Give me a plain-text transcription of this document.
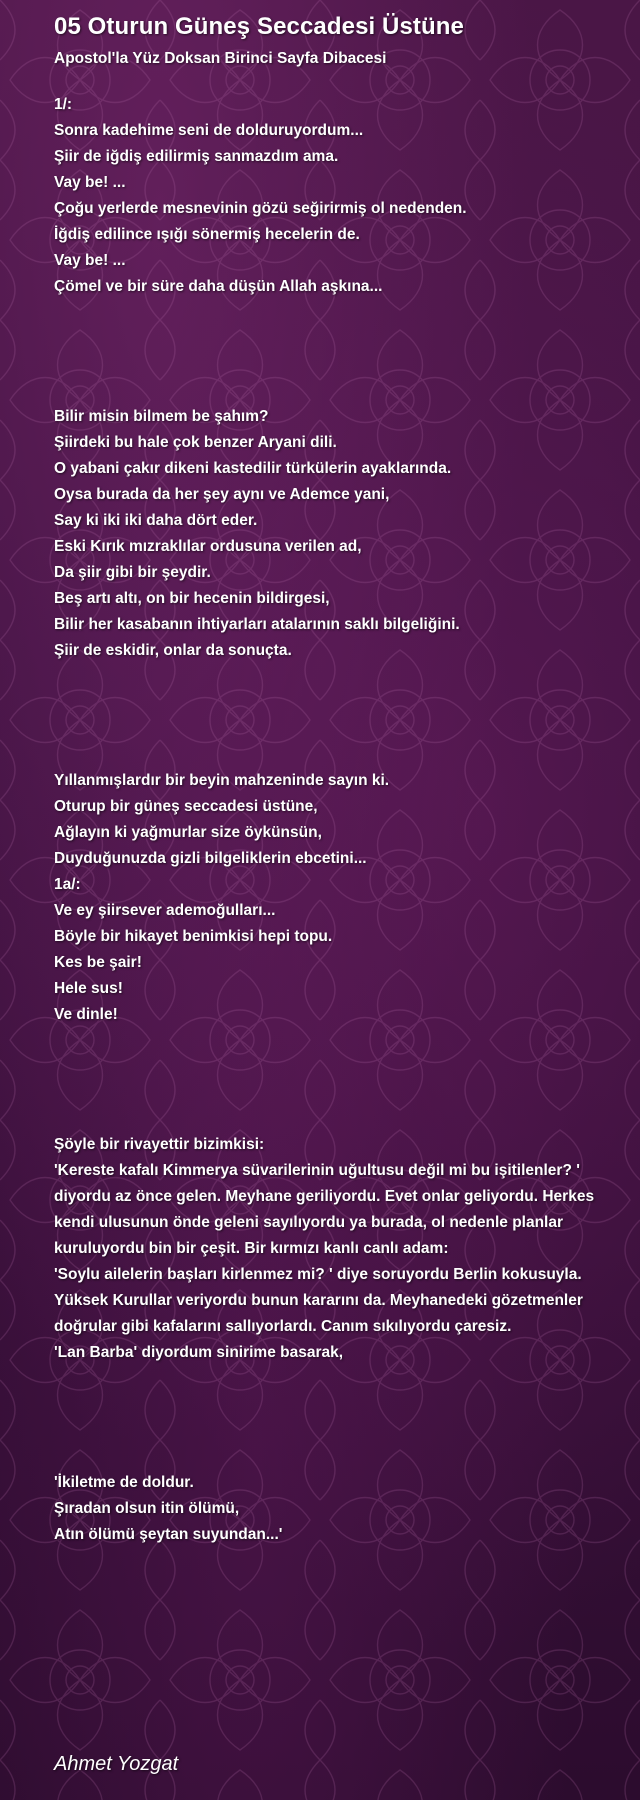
05 Oturun Güneş Seccadesi Üstüne
Apostol'la Yüz Doksan Birinci Sayfa Dibacesi
1/:
Sonra kadehime seni de dolduruyordum...
Şiir de iğdiş edilirmiş sanmazdım ama.
Vay be! ...
Çoğu yerlerde mesnevinin gözü seğirirmiş ol nedenden.
İğdiş edilince ışığı sönermiş hecelerin de.
Vay be! ...
Çömel ve bir süre daha düşün Allah aşkına...

Bilir misin bilmem be şahım?
Şiirdeki bu hale çok benzer Aryani dili.
O yabani çakır dikeni kastedilir türkülerin ayaklarında.
Oysa burada da her şey aynı ve Ademce yani,
Say ki iki iki daha dört eder.
Eski Kırık mızraklılar ordusuna verilen ad,
Da şiir gibi bir şeydir.
Beş artı altı, on bir hecenin bildirgesi,
Bilir her kasabanın ihtiyarları atalarının saklı bilgeliğini.
Şiir de eskidir, onlar da sonuçta.

Yıllanmışlardır bir beyin mahzeninde sayın ki.
Oturup bir güneş seccadesi üstüne,
Ağlayın ki yağmurlar size öykünsün,
Duyduğunuzda gizli bilgeliklerin ebcetini...
1a/:
Ve ey şiirsever ademoğulları...
Böyle bir hikayet benimkisi hepi topu.
Kes be şair!
Hele sus!
Ve dinle!

Şöyle bir rivayettir bizimkisi:
'Kereste kafalı Kimmerya süvarilerinin uğultusu değil mi bu işitilenler? ' diyordu az önce gelen. Meyhane geriliyordu. Evet onlar geliyordu. Herkes kendi ulusunun önde geleni sayılıyordu ya burada, ol nedenle planlar kuruluyordu bin bir çeşit. Bir kırmızı kanlı canlı adam:
'Soylu ailelerin başları kirlenmez mi? ' diye soruyordu Berlin kokusuyla. Yüksek Kurullar veriyordu bunun kararını da. Meyhanedeki gözetmenler doğrular gibi kafalarını sallıyorlardı. Canım sıkılıyordu çaresiz.
'Lan Barba' diyordum sinirime basarak,

'İkiletme de doldur.
Şıradan olsun itin ölümü,
Atın ölümü şeytan suyundan...'
Ahmet Yozgat
